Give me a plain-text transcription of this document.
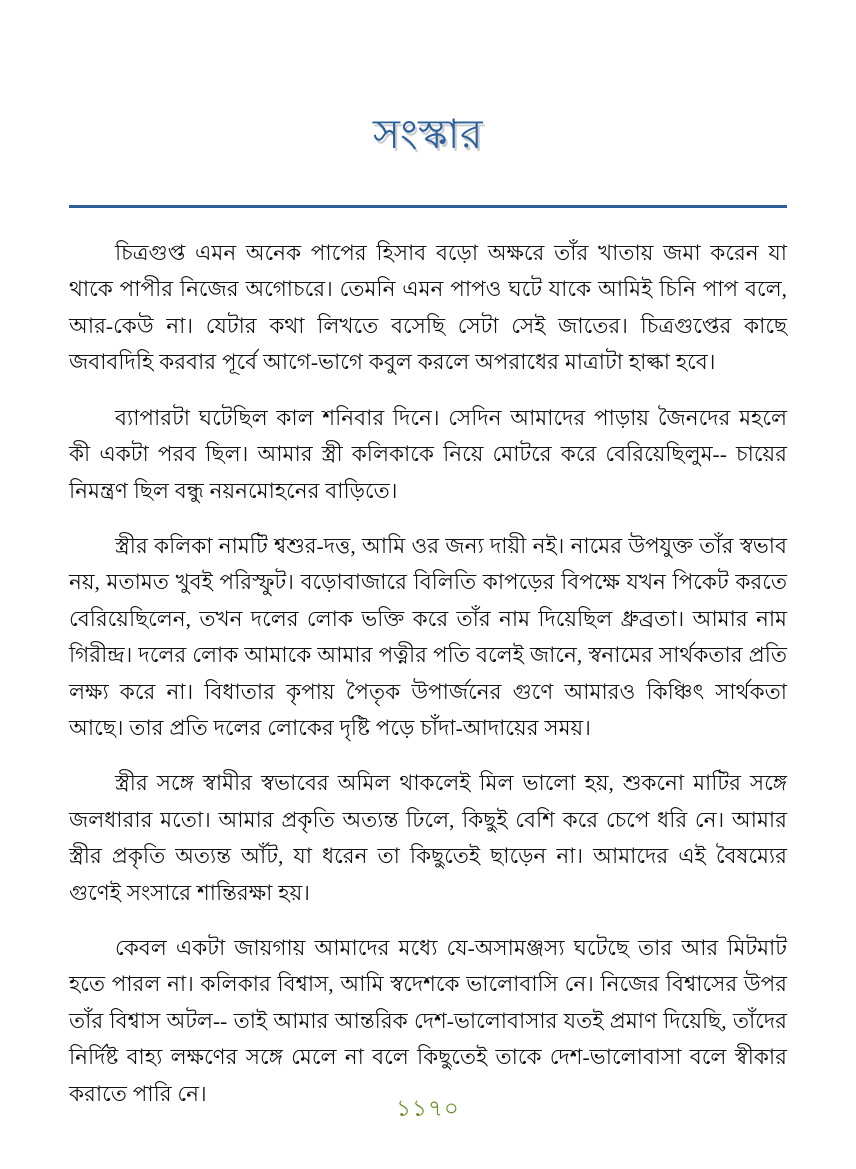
সংস্কার

চিত্রগুপ্ত এমন অনেক পাপের হিসাব বড়ো অক্ষরে তাঁর খাতায় জমা করেন যা থাকে পাপীর নিজের অগোচরে। তেমনি এমন পাপও ঘটে যাকে আমিই চিনি পাপ বলে, আর-কেউ না। যেটার কথা লিখতে বসেছি সেটা সেই জাতের। চিত্রগুপ্তের কাছে জবাবদিহি করবার পূর্বে আগে-ভাগে কবুল করলে অপরাধের মাত্রাটা হাল্কা হবে।

ব্যাপারটা ঘটেছিল কাল শনিবার দিনে। সেদিন আমাদের পাড়ায় জৈনদের মহলে কী একটা পরব ছিল। আমার স্ত্রী কলিকাকে নিয়ে মোটরে করে বেরিয়েছিলুম-- চায়ের নিমন্ত্রণ ছিল বন্ধু নয়নমোহনের বাড়িতে।

স্ত্রীর কলিকা নামটি শ্বশুর-দত্ত, আমি ওর জন্য দায়ী নই। নামের উপযুক্ত তাঁর স্বভাব নয়, মতামত খুবই পরিস্ফুট। বড়োবাজারে বিলিতি কাপড়ের বিপক্ষে যখন পিকেট করতে বেরিয়েছিলেন, তখন দলের লোক ভক্তি করে তাঁর নাম দিয়েছিল ধ্রুব্রতা। আমার নাম গিরীন্দ্র। দলের লোক আমাকে আমার পত্নীর পতি বলেই জানে, স্বনামের সার্থকতার প্রতি লক্ষ্য করে না। বিধাতার কৃপায় পৈতৃক উপার্জনের গুণে আমারও কিঞ্চিৎ সার্থকতা আছে। তার প্রতি দলের লোকের দৃষ্টি পড়ে চাঁদা-আদায়ের সময়।

স্ত্রীর সঙ্গে স্বামীর স্বভাবের অমিল থাকলেই মিল ভালো হয়, শুকনো মাটির সঙ্গে জলধারার মতো। আমার প্রকৃতি অত্যন্ত ঢিলে, কিছুই বেশি করে চেপে ধরি নে। আমার স্ত্রীর প্রকৃতি অত্যন্ত আঁট, যা ধরেন তা কিছুতেই ছাড়েন না। আমাদের এই বৈষম্যের গুণেই সংসারে শান্তিরক্ষা হয়।

কেবল একটা জায়গায় আমাদের মধ্যে যে-অসামঞ্জস্য ঘটেছে তার আর মিটমাট হতে পারল না। কলিকার বিশ্বাস, আমি স্বদেশকে ভালোবাসি নে। নিজের বিশ্বাসের উপর তাঁর বিশ্বাস অটল-- তাই আমার আন্তরিক দেশ-ভালোবাসার যতই প্রমাণ দিয়েছি, তাঁদের নির্দিষ্ট বাহ্য লক্ষণের সঙ্গে মেলে না বলে কিছুতেই তাকে দেশ-ভালোবাসা বলে স্বীকার করাতে পারি নে।

১১৭০
